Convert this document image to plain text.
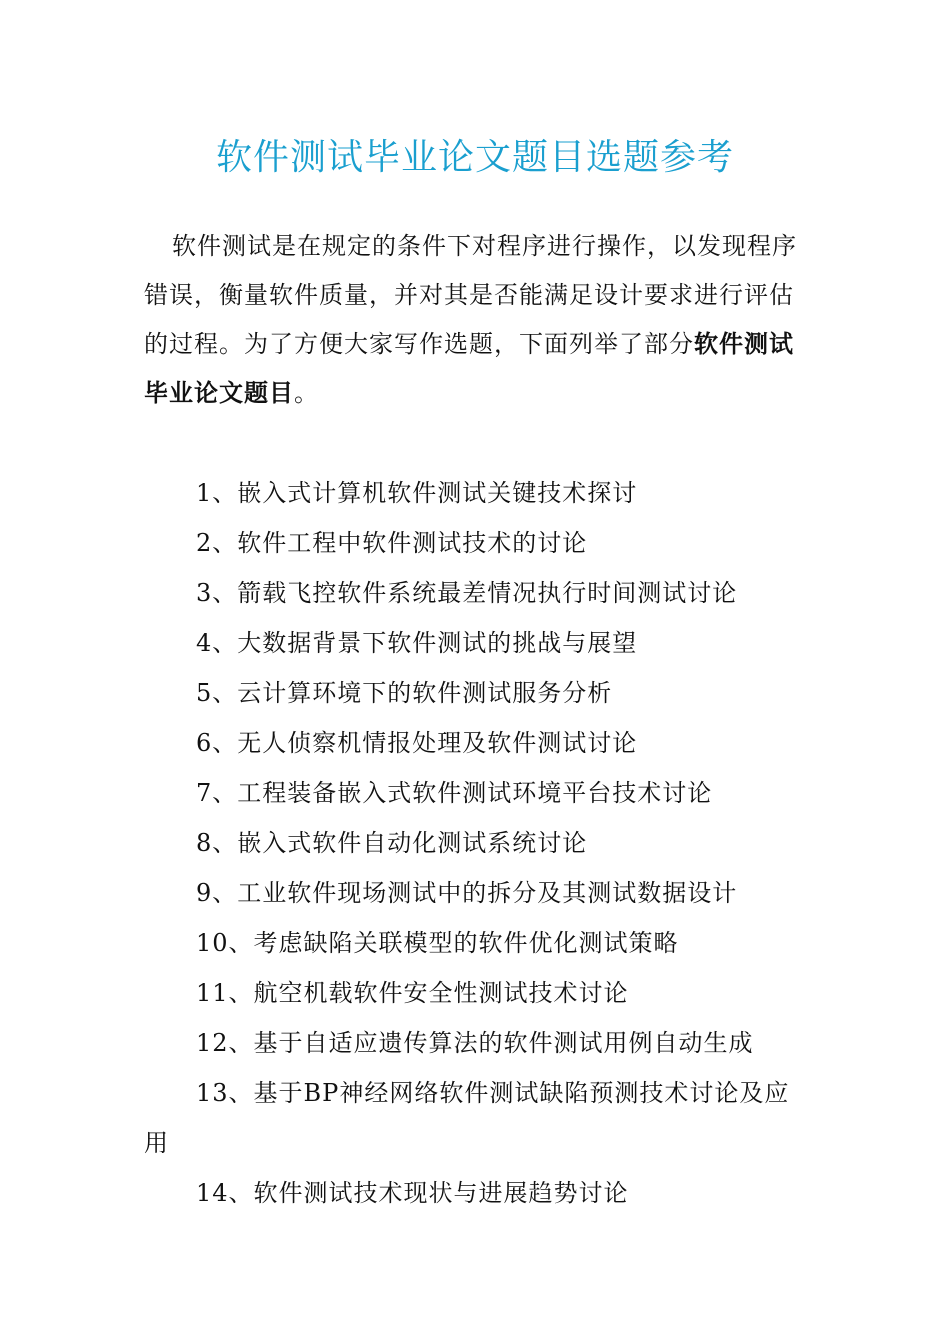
软件测试毕业论文题目选题参考

软件测试是在规定的条件下对程序进行操作，以发现程序错误，衡量软件质量，并对其是否能满足设计要求进行评估的过程。为了方便大家写作选题，下面列举了部分软件测试毕业论文题目。

1、嵌入式计算机软件测试关键技术探讨
2、软件工程中软件测试技术的讨论
3、箭载飞控软件系统最差情况执行时间测试讨论
4、大数据背景下软件测试的挑战与展望
5、云计算环境下的软件测试服务分析
6、无人侦察机情报处理及软件测试讨论
7、工程装备嵌入式软件测试环境平台技术讨论
8、嵌入式软件自动化测试系统讨论
9、工业软件现场测试中的拆分及其测试数据设计
10、考虑缺陷关联模型的软件优化测试策略
11、航空机载软件安全性测试技术讨论
12、基于自适应遗传算法的软件测试用例自动生成
13、基于BP神经网络软件测试缺陷预测技术讨论及应用
14、软件测试技术现状与进展趋势讨论
